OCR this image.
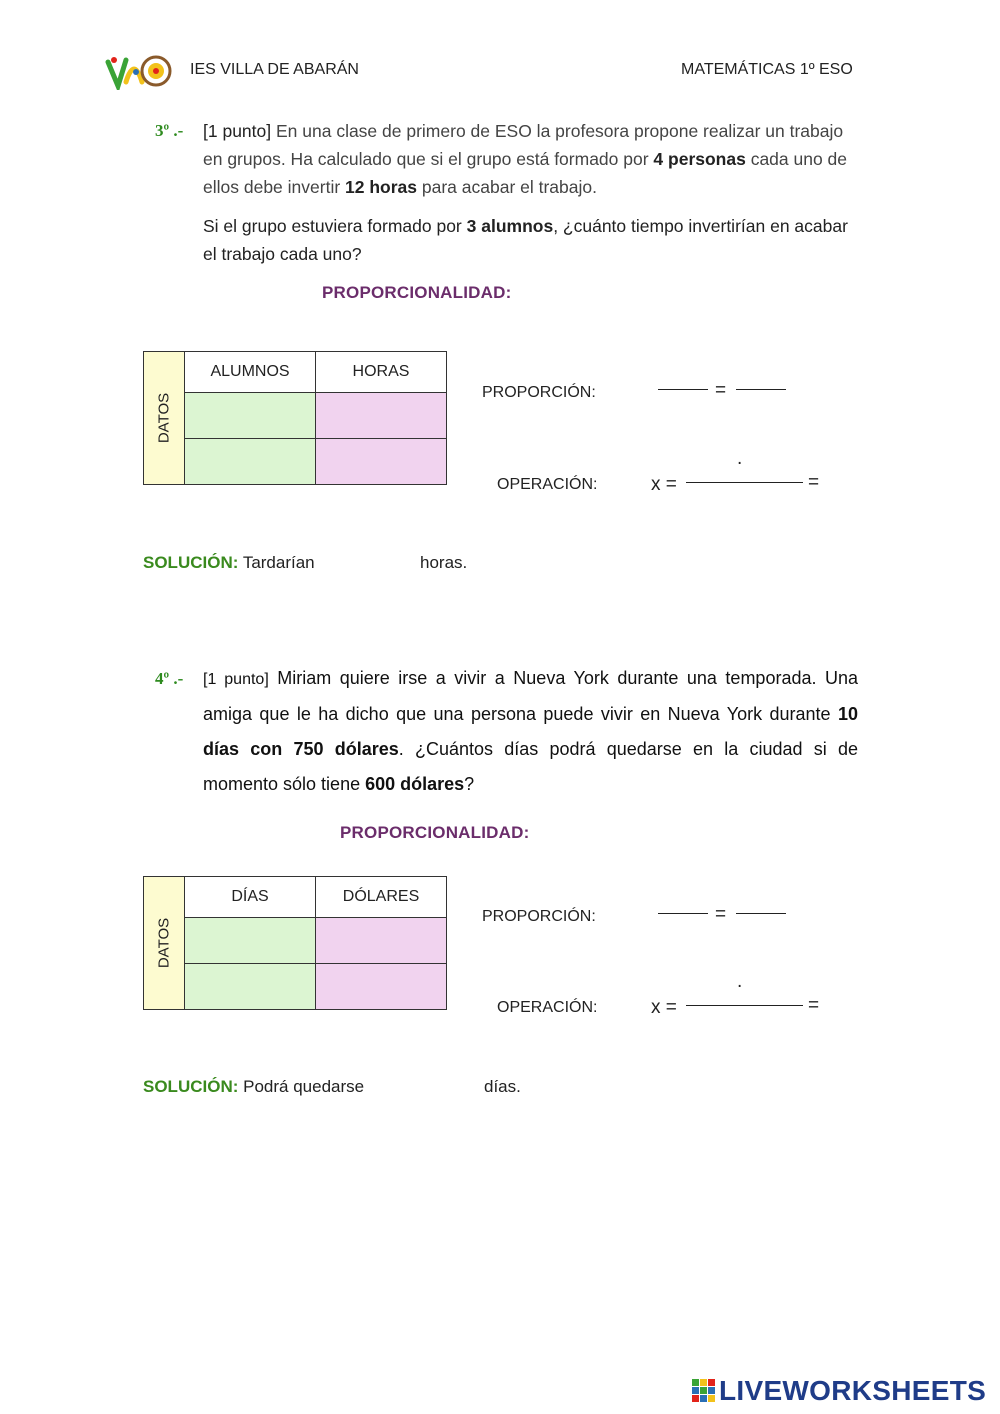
IES VILLA DE ABARÁN	MATEMÁTICAS 1º ESO
3º .- [1 punto] En una clase de primero de ESO la profesora propone realizar un trabajo en grupos. Ha calculado que si el grupo está formado por 4 personas cada uno de ellos debe invertir 12 horas para acabar el trabajo.
Si el grupo estuviera formado por 3 alumnos, ¿cuánto tiempo invertirían en acabar el trabajo cada uno?
PROPORCIONALIDAD:
DATOS	ALUMNOS	HORAS

PROPORCIÓN:	=
OPERACIÓN:
.
x =	=
SOLUCIÓN: Tardarían	horas.
4º .- [1 punto] Miriam quiere irse a vivir a Nueva York durante una temporada. Una amiga que le ha dicho que una persona puede vivir en Nueva York durante 10 días con 750 dólares. ¿Cuántos días podrá quedarse en la ciudad si de momento sólo tiene 600 dólares?
PROPORCIONALIDAD:
DATOS	DÍAS	DÓLARES

PROPORCIÓN:	=
OPERACIÓN:
.
x =	=
SOLUCIÓN: Podrá quedarse	días.
LIVEWORKSHEETS
